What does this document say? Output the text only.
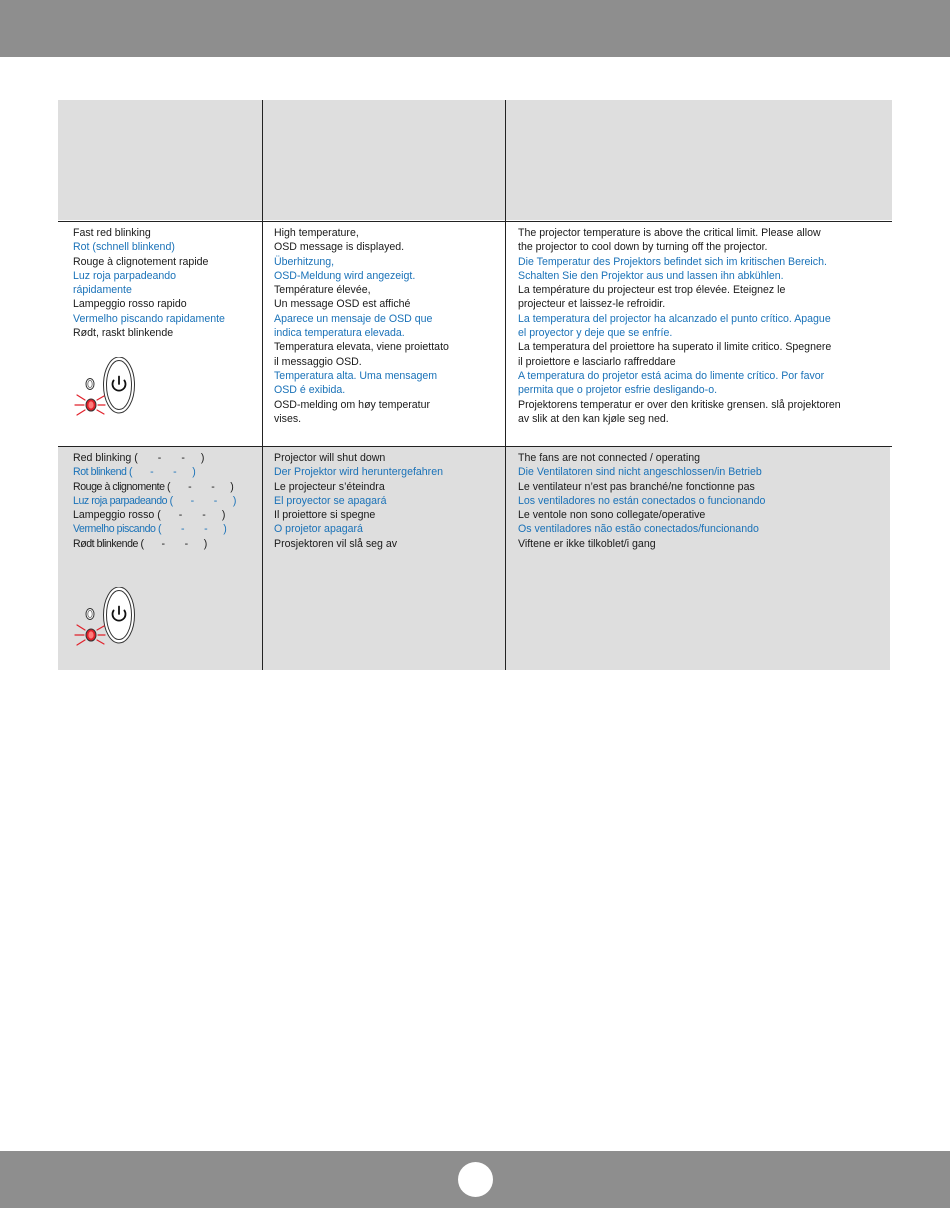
Fast red blinking
Rot (schnell blinkend)
Rouge à clignotement rapide
Luz roja parpadeando
rápidamente
Lampeggio rosso rapido
Vermelho piscando rapidamente
Rødt, raskt blinkende
High temperature,
OSD message is displayed.
Überhitzung,
OSD-Meldung wird angezeigt.
Température élevée,
Un message OSD est affiché
Aparece un mensaje de OSD que
indica temperatura elevada.
Temperatura elevata, viene proiettato
il messaggio OSD.
Temperatura alta. Uma mensagem
OSD é exibida.
OSD-melding om høy temperatur
vises.
The projector temperature is above the critical limit. Please allow
the projector to cool down by turning off the projector.
Die Temperatur des Projektors befindet sich im kritischen Bereich.
Schalten Sie den Projektor aus und lassen ihn abkühlen.
La température du projecteur est trop élevée. Eteignez le
projecteur et laissez-le refroidir.
La temperatura del projector ha alcanzado el punto crítico. Apague
el proyector y deje que se enfríe.
La temperatura del proiettore ha superato il limite critico. Spegnere
il proiettore e lasciarlo raffreddare
A temperatura do projetor está acima do limente crítico. Por favor
permita que o projetor esfrie desligando-o.
Projektorens temperatur er over den kritiske grensen. slå projektoren
av slik at den kan kjøle seg ned.
Red blinking ( - - )
Rot blinkend ( - - )
Rouge à clignomente ( - - )
Luz roja parpadeando ( - - )
Lampeggio rosso ( - - )
Vermelho piscando ( - - )
Rødt blinkende ( - - )
Projector will shut down
Der Projektor wird heruntergefahren
Le projecteur s’éteindra
El proyector se apagará
Il proiettore si spegne
O projetor apagará
Prosjektoren vil slå seg av
The fans are not connected / operating
Die Ventilatoren sind nicht angeschlossen/in Betrieb
Le ventilateur n’est pas branché/ne fonctionne pas
Los ventiladores no están conectados o funcionando
Le ventole non sono collegate/operative
Os ventiladores não estão conectados/funcionando
Viftene er ikke tilkoblet/i gang
